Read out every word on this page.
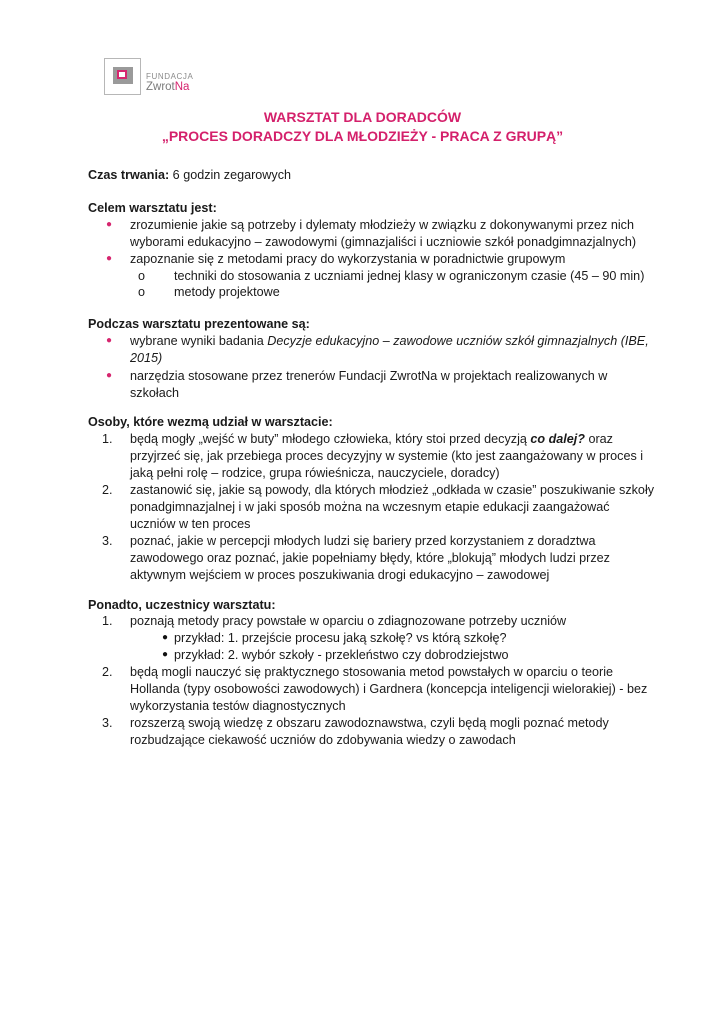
FUNDACJA
ZwrotNa
WARSZTAT DLA DORADCÓW
„PROCES DORADCZY DLA MŁODZIEŻY - PRACA Z GRUPĄ”
Czas trwania: 6 godzin zegarowych
Celem warsztatu jest:
●	zrozumienie jakie są potrzeby i dylematy młodzieży w związku z dokonywanymi przez nich
wyborami edukacyjno – zawodowymi (gimnazjaliści i uczniowie szkół ponadgimnazjalnych)
●	zapoznanie się z metodami pracy do wykorzystania w poradnictwie grupowym
o techniki do stosowania z uczniami jednej klasy w ograniczonym czasie (45 – 90 min)
o metody projektowe
Podczas warsztatu prezentowane są:
●	wybrane wyniki badania Decyzje edukacyjno – zawodowe uczniów szkół gimnazjalnych (IBE,
2015)
●	narzędzia stosowane przez trenerów Fundacji ZwrotNa w projektach realizowanych w
szkołach
Osoby, które wezmą udział w warsztacie:
1. będą mogły „wejść w buty” młodego człowieka, który stoi przed decyzją co dalej? oraz
przyjrzeć się, jak przebiega proces decyzyjny w systemie (kto jest zaangażowany w proces i
jaką pełni rolę – rodzice, grupa rówieśnicza, nauczyciele, doradcy)
2. zastanowić się, jakie są powody, dla których młodzież „odkłada w czasie” poszukiwanie szkoły
ponadgimnazjalnej i w jaki sposób można na wczesnym etapie edukacji zaangażować
uczniów w ten proces
3. poznać, jakie w percepcji młodych ludzi się bariery przed korzystaniem z doradztwa
zawodowego oraz poznać, jakie popełniamy błędy, które „blokują” młodych ludzi przez
aktywnym wejściem w proces poszukiwania drogi edukacyjno – zawodowej
Ponadto, uczestnicy warsztatu:
1. poznają metody pracy powstałe w oparciu o zdiagnozowane potrzeby uczniów
● przykład: 1. przejście procesu jaką szkołę? vs którą szkołę?
● przykład: 2. wybór szkoły - przekleństwo czy dobrodziejstwo
2. będą mogli nauczyć się praktycznego stosowania metod powstałych w oparciu o teorie
Hollanda (typy osobowości zawodowych) i Gardnera (koncepcja inteligencji wielorakiej) - bez
wykorzystania testów diagnostycznych
3. rozszerzą swoją wiedzę z obszaru zawodoznawstwa, czyli będą mogli poznać metody
rozbudzające ciekawość uczniów do zdobywania wiedzy o zawodach
